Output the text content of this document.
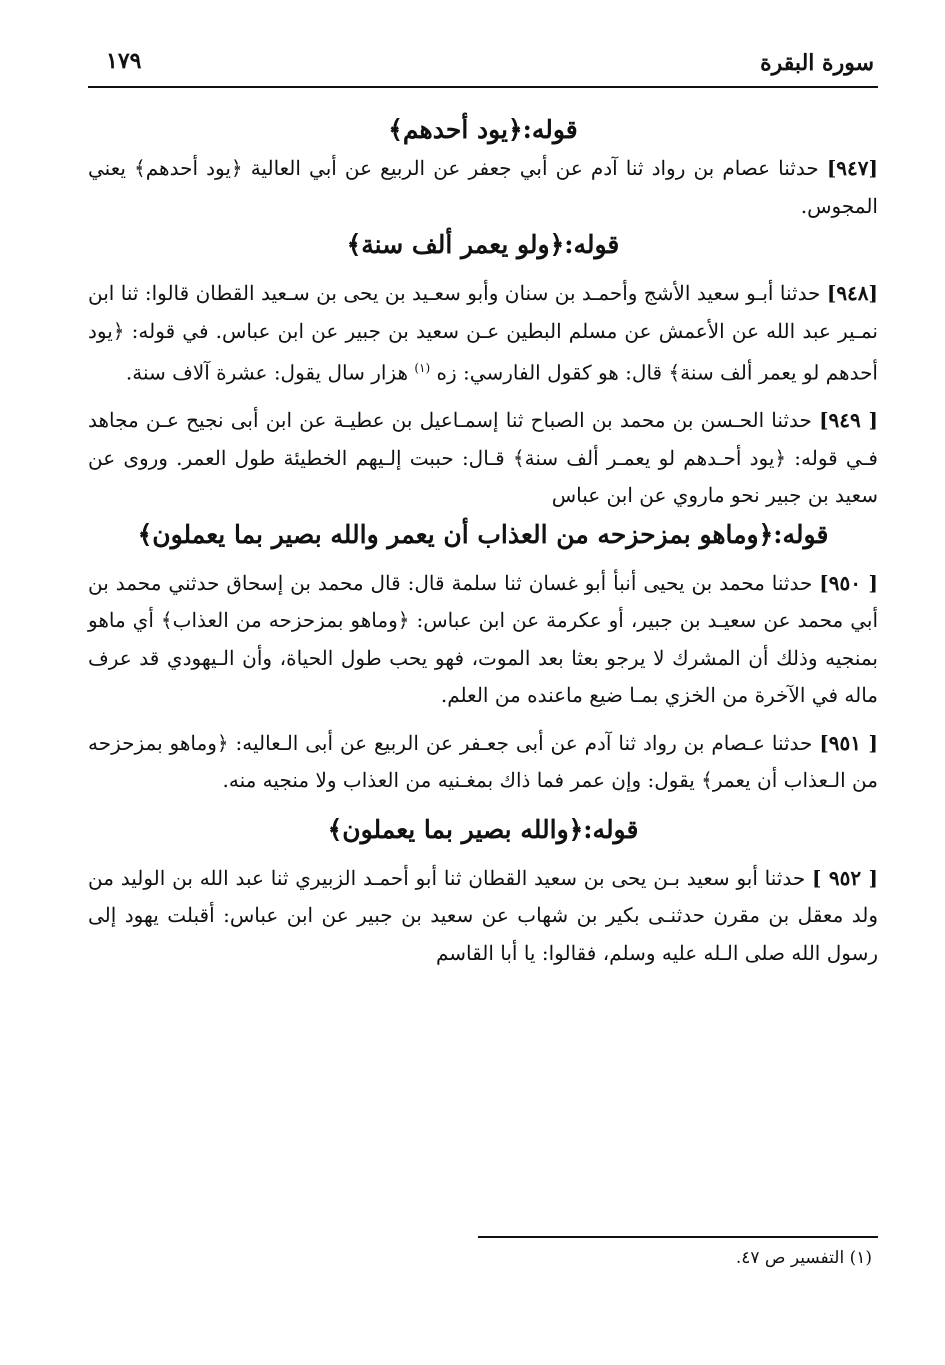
سورة البقرة
١٧٩
قوله:﴿يود أحدهم﴾

[٩٤٧] حدثنا عصام بن رواد ثنا آدم عن أبي جعفر عن الربيع عن أبي العالية ﴿يود أحدهم﴾ يعني المجوس.

قوله:﴿ولو يعمر ألف سنة﴾

[٩٤٨] حدثنا أبـو سعيد الأشج وأحمـد بن سنان وأبو سعـيد بن يحى بن سـعيد القطان قالوا: ثنا ابن نمـير عبد الله عن الأعمش عن مسلم البطين عـن سعيد بن جبير عن ابن عباس. في قوله: ﴿يود أحدهم لو يعمر ألف سنة﴾ قال: هو كقول الفارسي: زه $^{(١)}$ هزار سال يقول: عشرة آلاف سنة.

[ ٩٤٩] حدثنا الحـسن بن محمد بن الصباح ثنا إسمـاعيل بن عطيـة عن ابن أبى نجيح عـن مجاهد فـي قوله: ﴿يود أحـدهم لو يعمـر ألف سنة﴾ قـال: حببت إلـيهم الخطيئة طول العمر. وروى عن سعيد بن جبير نحو ماروي عن ابن عباس

قوله:﴿وماهو بمزحزحه من العذاب أن يعمر والله بصير بما يعملون﴾

[ ٩٥٠] حدثنا محمد بن يحيى أنبأ أبو غسان ثنا سلمة قال: قال محمد بن إسحاق حدثني محمد بن أبي محمد عن سعيـد بن جبير، أو عكرمة عن ابن عباس: ﴿وماهو بمزحزحه من العذاب﴾ أي ماهو بمنجيه وذلك أن المشرك لا يرجو بعثا بعد الموت، فهو يحب طول الحياة، وأن الـيهودي قد عرف ماله في الآخرة من الخزي بمـا ضيع ماعنده من العلم.

[ ٩٥١] حدثنا عـصام بن رواد ثنا آدم عن أبى جعـفر عن الربيع عن أبى الـعاليه: ﴿وماهو بمزحزحه من الـعذاب أن يعمر﴾ يقول: وإن عمر فما ذاك بمغـنيه من العذاب ولا منجيه منه.

قوله:﴿والله بصير بما يعملون﴾

[ ٩٥٢ ] حدثنا أبو سعيد بـن يحى بن سعيد القطان ثنا أبو أحمـد الزبيري ثنا عبد الله بن الوليد من ولد معقل بن مقرن حدثنـى بكير بن شهاب عن سعيد بن جبير عن ابن عباس: أقبلت يهود إلى رسول الله صلى الـله عليه وسلم، فقالوا: يا أبا القاسم

(١) التفسير ص ٤٧.
